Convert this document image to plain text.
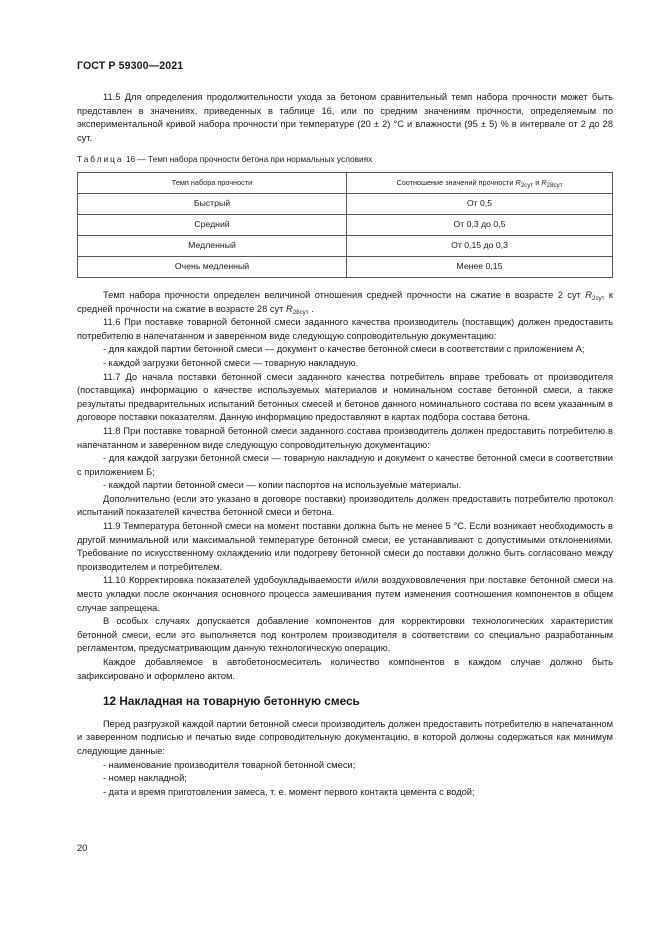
ГОСТ Р 59300—2021

11.5 Для определения продолжительности ухода за бетоном сравнительный темп набора прочности может быть представлен в значениях, приведенных в таблице 16, или по средним значениям прочности, определяемым по экспериментальной кривой набора прочности при температуре (20 ± 2) °С и влажности (95 ± 5) % в интервале от 2 до 28 сут.

Таблица 16 — Темп набора прочности бетона при нормальных условиях

Темп набора прочности	Соотношение значений прочности $R_{2сут}$ и $R_{28сут}$
Быстрый	От 0,5
Средний	От 0,3 до 0,5
Медленный	От 0,15 до 0,3
Очень медленный	Менее 0,15

Темп набора прочности определен величиной отношения средней прочности на сжатие в возрасте 2 сут $R_{2сут}$ к средней прочности на сжатие в возрасте 28 сут $R_{28сут}$ .

11.6 При поставке товарной бетонной смеси заданного качества производитель (поставщик) должен предоставить потребителю в напечатанном и заверенном виде следующую сопроводительную документацию:

- для каждой партии бетонной смеси — документ о качестве бетонной смеси в соответствии с приложением А;

- каждой загрузки бетонной смеси — товарную накладную.

11.7 До начала поставки бетонной смеси заданного качества потребитель вправе требовать от производителя (поставщика) информацию о качестве используемых материалов и номинальном составе бетонной смеси, а также результаты предварительных испытаний бетонных смесей и бетонов данного номинального состава по всем указанным в договоре поставки показателям. Данную информацию предоставляют в картах подбора состава бетона.

11.8 При поставке товарной бетонной смеси заданного состава производитель должен предоставить потребителю в напечатанном и заверенном виде следующую сопроводительную документацию:

- для каждой загрузки бетонной смеси — товарную накладную и документ о качестве бетонной смеси в соответствии с приложением Б;

- каждой партии бетонной смеси — копии паспортов на используемые материалы.

Дополнительно (если это указано в договоре поставки) производитель должен предоставить потребителю протокол испытаний показателей качества бетонной смеси и бетона.

11.9 Температура бетонной смеси на момент поставки должна быть не менее 5 °С. Если возникает необходимость в другой минимальной или максимальной температуре бетонной смеси, ее устанавливают с допустимыми отклонениями. Требование по искусственному охлаждению или подогреву бетонной смеси до поставки должно быть согласовано между производителем и потребителем.

11.10 Корректировка показателей удобоукладываемости и/или воздухововлечения при поставке бетонной смеси на место укладки после окончания основного процесса замешивания путем изменения соотношения компонентов в общем случае запрещена.

В особых случаях допускается добавление компонентов для корректировки технологических характеристик бетонной смеси, если это выполняется под контролем производителя в соответствии со специально разработанным регламентом, предусматривающим данную технологическую операцию.

Каждое добавляемое в автобетоносмеситель количество компонентов в каждом случае должно быть зафиксировано и оформлено актом.

12 Накладная на товарную бетонную смесь

Перед разгрузкой каждой партии бетонной смеси производитель должен предоставить потребителю в напечатанном и заверенном подписью и печатью виде сопроводительную документацию, в которой должны содержаться как минимум следующие данные:

- наименование производителя товарной бетонной смеси;

- номер накладной;

- дата и время приготовления замеса, т. е. момент первого контакта цемента с водой;

20
